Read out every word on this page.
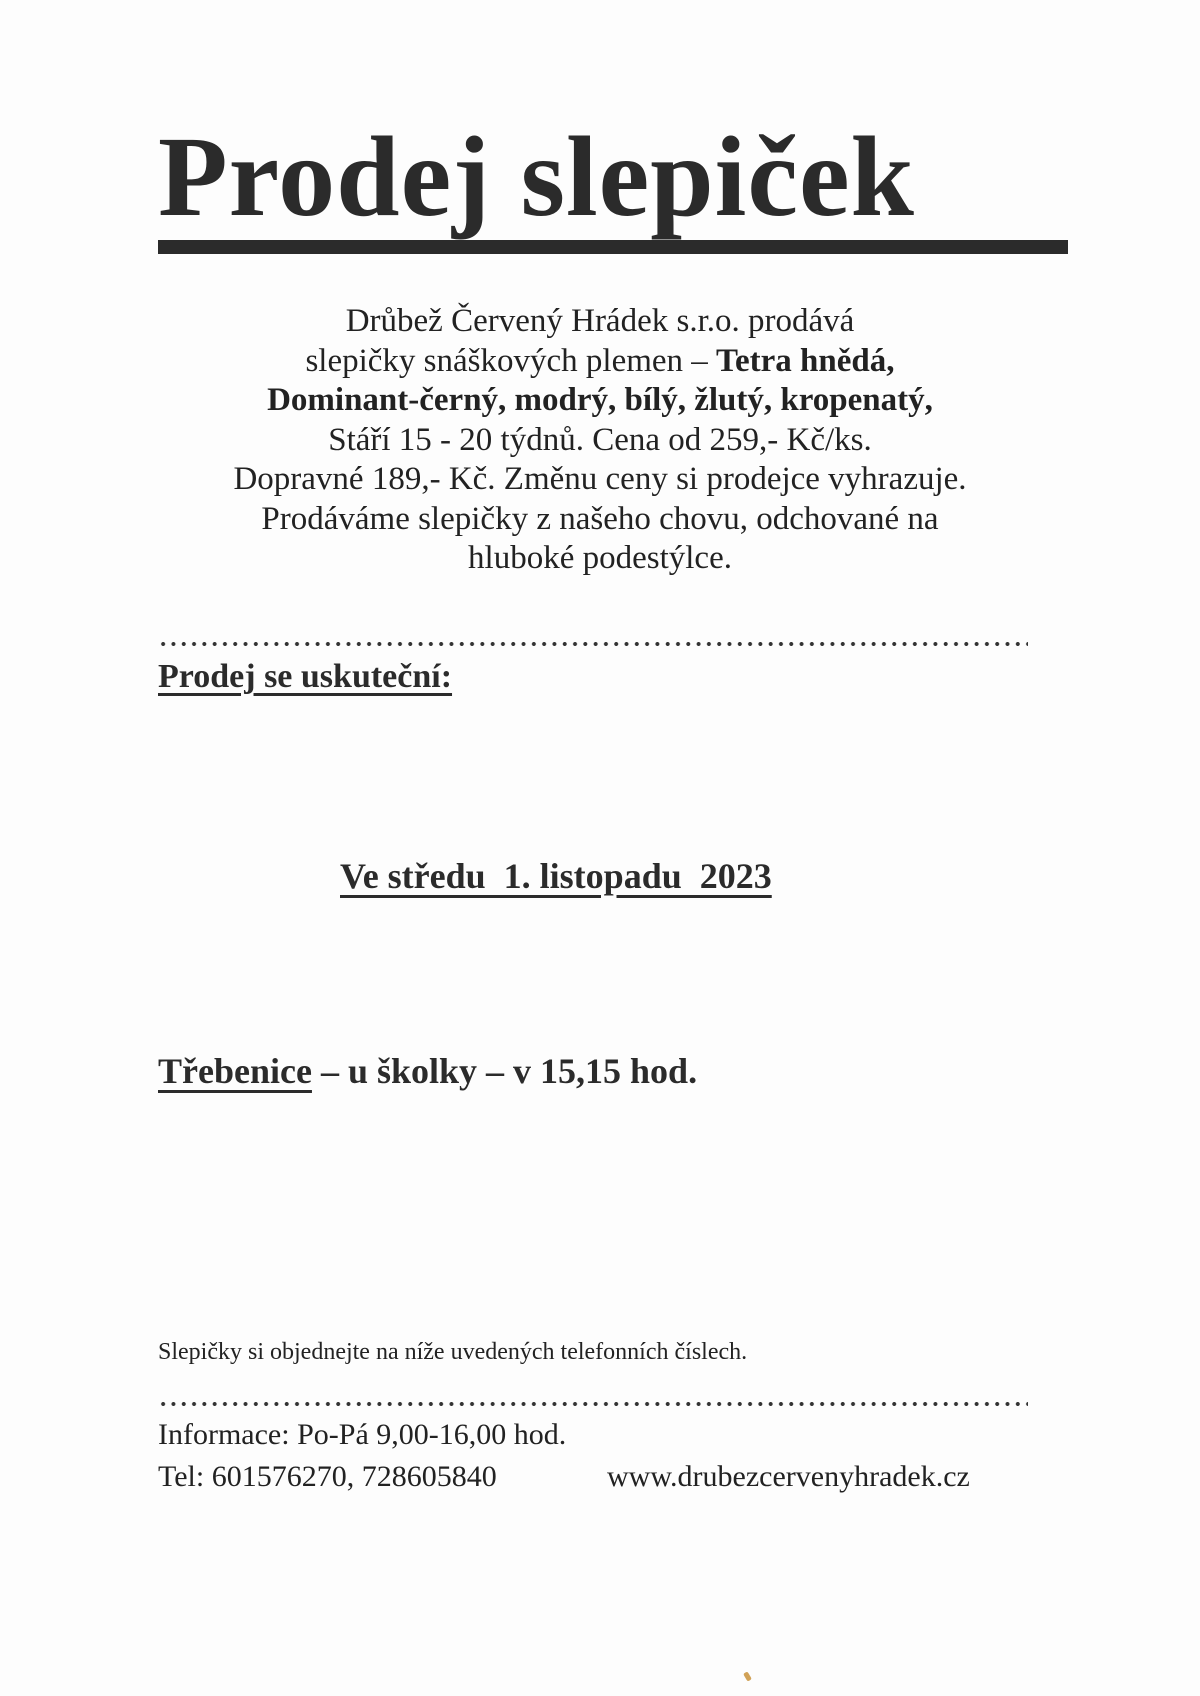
Prodej slepiček
Drůbež Červený Hrádek s.r.o. prodává
slepičky snáškových plemen – Tetra hnědá,
Dominant-černý, modrý, bílý, žlutý, kropenatý,
Stáří 15 - 20 týdnů. Cena od 259,- Kč/ks.
Dopravné 189,- Kč. Změnu ceny si prodejce vyhrazuje.
Prodáváme slepičky z našeho chovu, odchované na
hluboké podestýlce.
Prodej se uskuteční:
Ve středu  1. listopadu  2023
Třebenice – u školky – v 15,15 hod.
Slepičky si objednejte na níže uvedených telefonních číslech.
Informace: Po-Pá 9,00-16,00 hod.
Tel: 601576270, 728605840	www.drubezcervenyhradek.cz
